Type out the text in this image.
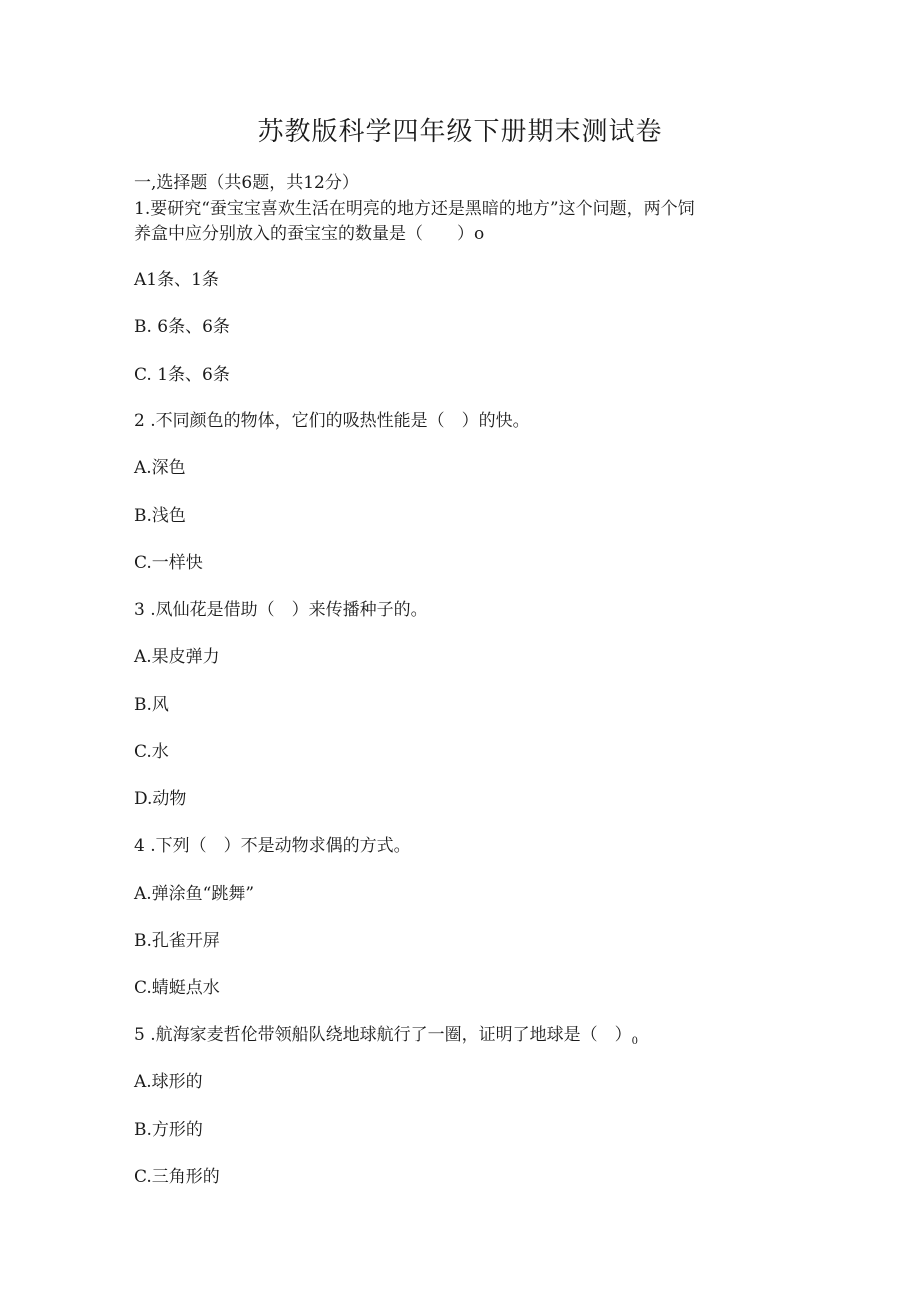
苏教版科学四年级下册期末测试卷
一,选择题（共6题，共12分）
1.要研究“蚕宝宝喜欢生活在明亮的地方还是黑暗的地方”这个问题，两个饲
养盒中应分别放入的蚕宝宝的数量是（　　）o
A1条、1条
B. 6条、6条
C. 1条、6条
2 .不同颜色的物体，它们的吸热性能是（　）的快。
A.深色
B.浅色
C.一样快
3 .凤仙花是借助（　）来传播种子的。
A.果皮弹力
B.风
C.水
D.动物
4 .下列（　）不是动物求偶的方式。
A.弹涂鱼“跳舞”
B.孔雀开屏
C.蜻蜓点水
5 .航海家麦哲伦带领船队绕地球航行了一圈，证明了地球是（　）$_0$
A.球形的
B.方形的
C.三角形的
